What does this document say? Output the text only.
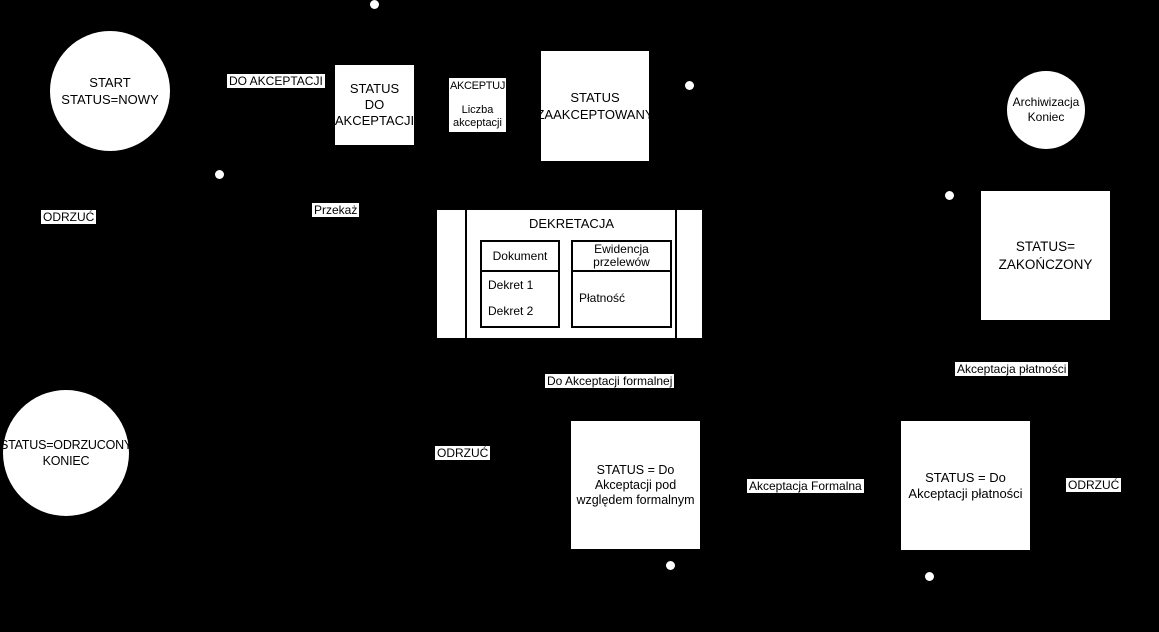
START
STATUS=NOWY
DO AKCEPTACJI	STATUS
DO
AKCEPTACJI
AKCEPTUJ
Liczba
akceptacji
STATUS
ZAAKCEPTOWANY
Archiwizacja
Koniec
STATUS=
ZAKOŃCZONY
ć
DEKRETACJA
Dokument
Dekret 1
Dekret 2
Ewidencja
przelewów
Płatność
ODRZUĆ	Przekaż
Do Akceptacji formalnej
Akceptacja płatności
STATUS=ODRZUCONY
KONIEC
ODRZUĆ
STATUS = Do
Akceptacji pod
względem formalnym
Akceptacja Formalna
STATUS = Do
Akceptacji płatności
ODRZUĆ
